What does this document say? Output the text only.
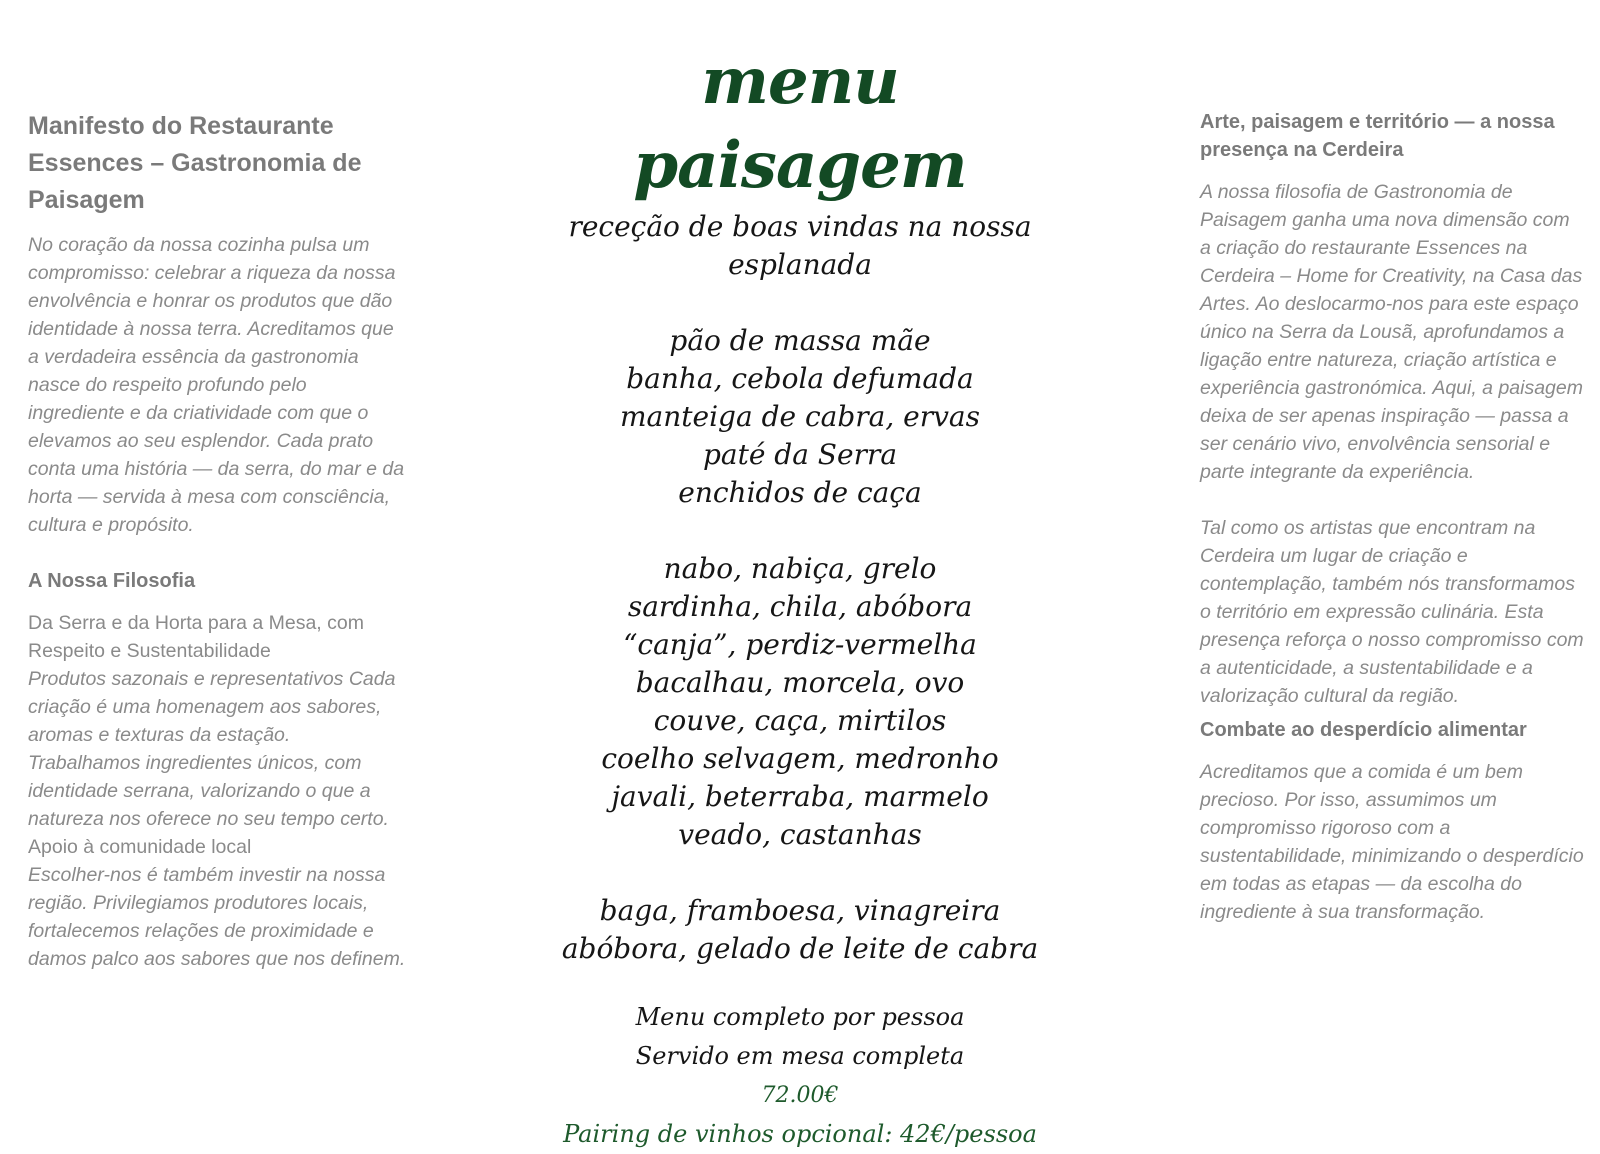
Manifesto do Restaurante Essences – Gastronomia de Paisagem

No coração da nossa cozinha pulsa um compromisso: celebrar a riqueza da nossa envolvência e honrar os produtos que dão identidade à nossa terra. Acreditamos que a verdadeira essência da gastronomia nasce do respeito profundo pelo ingrediente e da criatividade com que o elevamos ao seu esplendor. Cada prato conta uma história — da serra, do mar e da horta — servida à mesa com consciência, cultura e propósito.

A Nossa Filosofia

Da Serra e da Horta para a Mesa, com Respeito e Sustentabilidade

Produtos sazonais e representativos Cada criação é uma homenagem aos sabores, aromas e texturas da estação. Trabalhamos ingredientes únicos, com identidade serrana, valorizando o que a natureza nos oferece no seu tempo certo.

Apoio à comunidade local

Escolher-nos é também investir na nossa região. Privilegiamos produtores locais, fortalecemos relações de proximidade e damos palco aos sabores que nos definem.

menu paisagem

receção de boas vindas na nossa

esplanada

pão de massa mãe

banha, cebola defumada

manteiga de cabra, ervas

paté da Serra

enchidos de caça

nabo, nabiça, grelo

sardinha, chila, abóbora

“canja”, perdiz-vermelha

bacalhau, morcela, ovo

couve, caça, mirtilos

coelho selvagem, medronho

javali, beterraba, marmelo

veado, castanhas

baga, framboesa, vinagreira

abóbora, gelado de leite de cabra

Menu completo por pessoa

Servido em mesa completa

72.00€

Pairing de vinhos opcional: 42€/pessoa

Arte, paisagem e território — a nossa presença na Cerdeira

A nossa filosofia de Gastronomia de Paisagem ganha uma nova dimensão com a criação do restaurante Essences na Cerdeira – Home for Creativity, na Casa das Artes. Ao deslocarmo-nos para este espaço único na Serra da Lousã, aprofundamos a ligação entre natureza, criação artística e experiência gastronómica. Aqui, a paisagem deixa de ser apenas inspiração — passa a ser cenário vivo, envolvência sensorial e parte integrante da experiência.

Tal como os artistas que encontram na Cerdeira um lugar de criação e contemplação, também nós transformamos o território em expressão culinária. Esta presença reforça o nosso compromisso com a autenticidade, a sustentabilidade e a valorização cultural da região.

Combate ao desperdício alimentar

Acreditamos que a comida é um bem precioso. Por isso, assumimos um compromisso rigoroso com a sustentabilidade, minimizando o desperdício em todas as etapas — da escolha do ingrediente à sua transformação.
